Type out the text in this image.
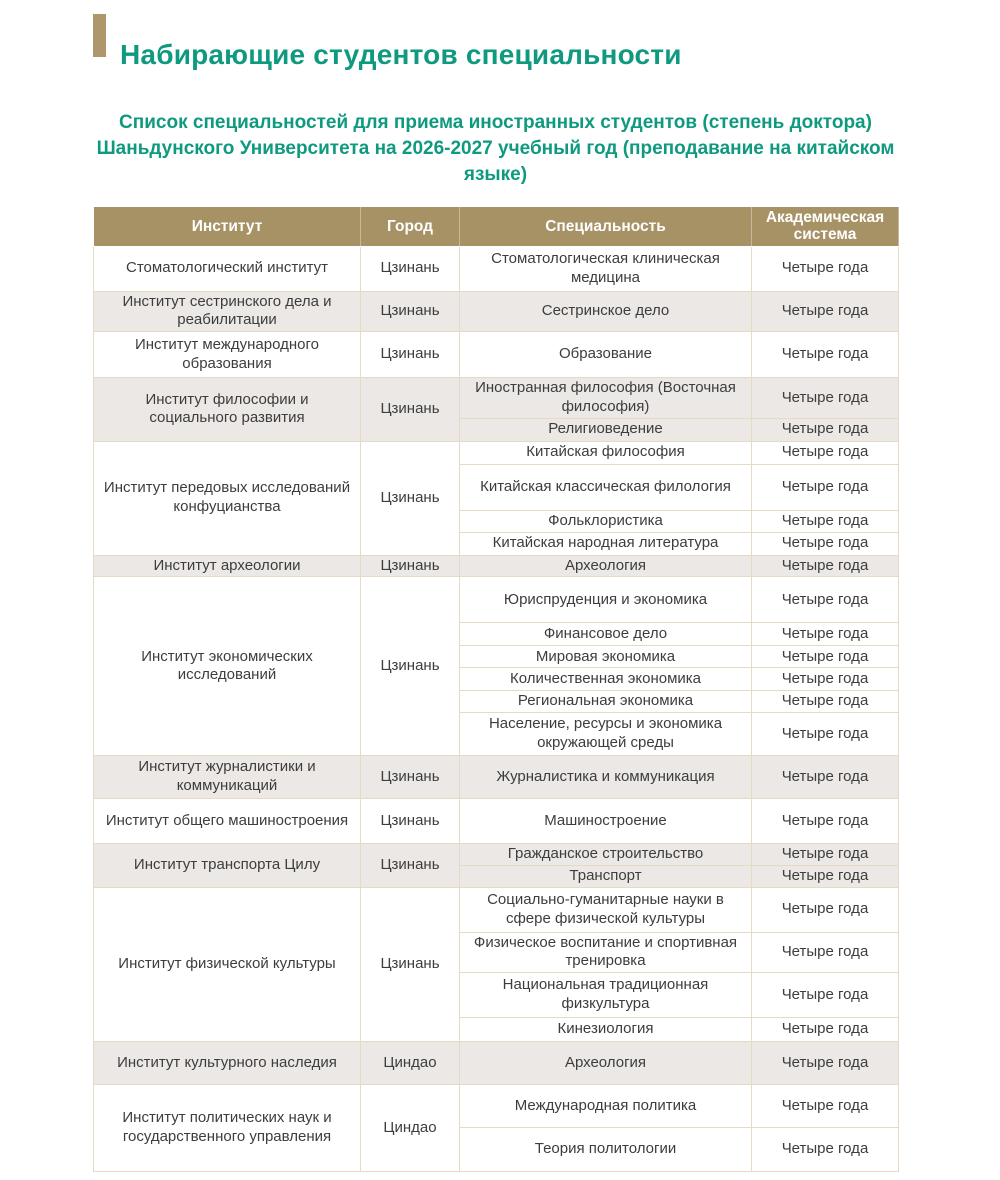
Набирающие студентов специальности
Список специальностей для приема иностранных студентов (степень доктора) Шаньдунского Университета на 2026-2027 учебный год (преподавание на китайском языке)
Институт	Город	Специальность	Академическая система
Стоматологический институт	Цзинань	Стоматологическая клиническая медицина	Четыре года
Институт сестринского дела и реабилитации	Цзинань	Сестринское дело	Четыре года
Институт международного образования	Цзинань	Образование	Четыре года
Институт философии и социального развития	Цзинань	Иностранная философия (Восточная философия)	Четыре года
		Религиоведение	Четыре года
Институт передовых исследований конфуцианства	Цзинань	Китайская философия	Четыре года
		Китайская классическая филология	Четыре года
		Фольклористика	Четыре года
		Китайская народная литература	Четыре года
Институт археологии	Цзинань	Археология	Четыре года
Институт экономических исследований	Цзинань	Юриспруденция и экономика	Четыре года
		Финансовое дело	Четыре года
		Мировая экономика	Четыре года
		Количественная экономика	Четыре года
		Региональная экономика	Четыре года
		Население, ресурсы и экономика окружающей среды	Четыре года
Институт журналистики и коммуникаций	Цзинань	Журналистика и коммуникация	Четыре года
Институт общего машиностроения	Цзинань	Машиностроение	Четыре года
Институт транспорта Цилу	Цзинань	Гражданское строительство	Четыре года
		Транспорт	Четыре года
Институт физической культуры	Цзинань	Социально-гуманитарные науки в сфере физической культуры	Четыре года
		Физическое воспитание и спортивная тренировка	Четыре года
		Национальная традиционная физкультура	Четыре года
		Кинезиология	Четыре года
Институт культурного наследия	Циндао	Археология	Четыре года
Институт политических наук и государственного управления	Циндао	Международная политика	Четыре года
		Теория политологии	Четыре года
